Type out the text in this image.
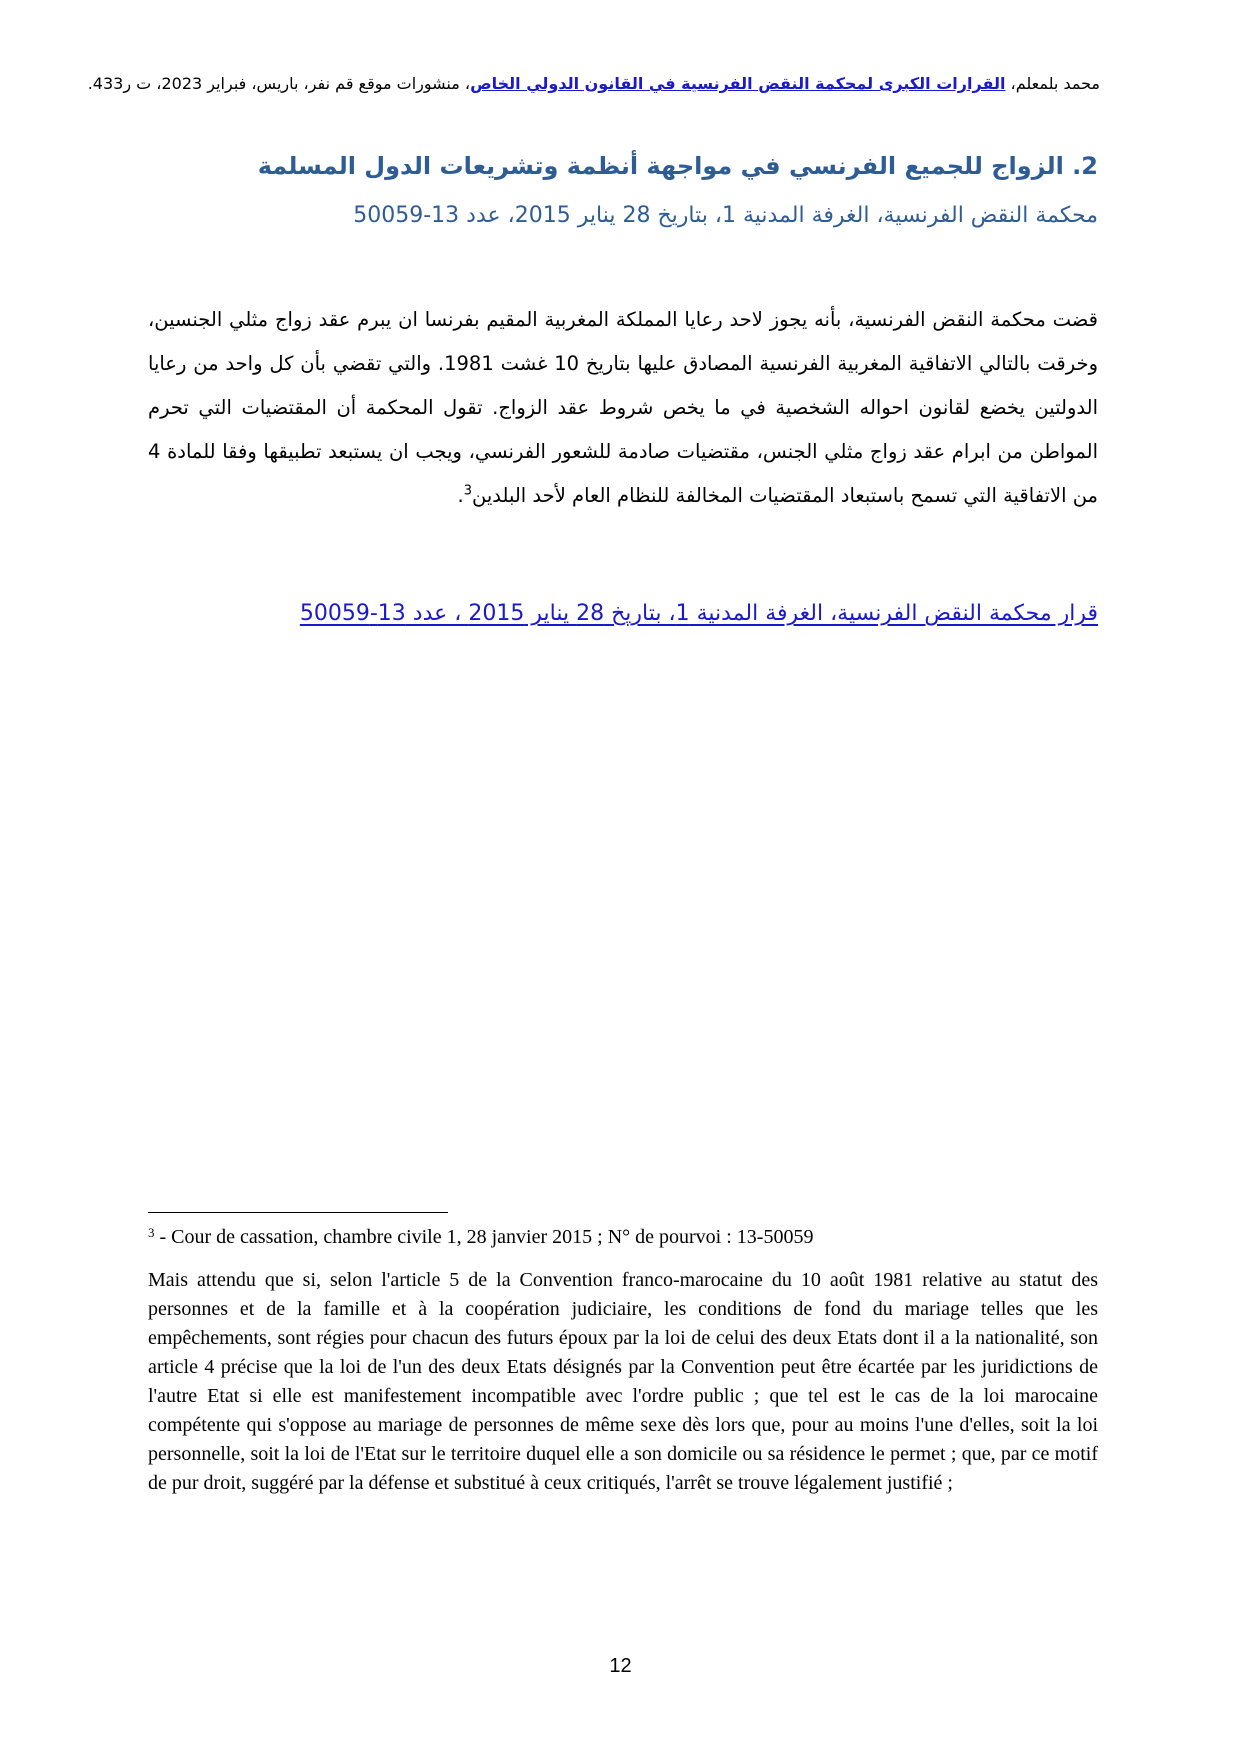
محمد بلمعلم، القرارات الكبرى لمحكمة النقض الفرنسية في القانون الدولي الخاص، منشورات موقع قم نفر، باريس، فبراير 2023، ت ر433.
2. الزواج للجميع الفرنسي في مواجهة أنظمة وتشريعات الدول المسلمة
محكمة النقض الفرنسية، الغرفة المدنية 1، بتاريخ 28 يناير 2015، عدد 13-50059

قضت محكمة النقض الفرنسية، بأنه يجوز لاحد رعايا المملكة المغربية المقيم بفرنسا ان يبرم عقد زواج مثلي الجنسين، وخرقت بالتالي الاتفاقية المغربية الفرنسية المصادق عليها بتاريخ 10 غشت 1981. والتي تقضي بأن كل واحد من رعايا الدولتين يخضع لقانون احواله الشخصية في ما يخص شروط عقد الزواج. تقول المحكمة أن المقتضيات التي تحرم المواطن من ابرام عقد زواج مثلي الجنس، مقتضيات صادمة للشعور الفرنسي، ويجب ان يستبعد تطبيقها وفقا للمادة 4 من الاتفاقية التي تسمح باستبعاد المقتضيات المخالفة للنظام العام لأحد البلدين$^3$.

قرار محكمة النقض الفرنسية، الغرفة المدنية 1، بتاريخ 28 يناير 2015 ، عدد 13-50059
$^3$ - Cour de cassation, chambre civile 1, 28 janvier 2015 ; N° de pourvoi : 13-50059

Mais attendu que si, selon l'article 5 de la Convention franco-marocaine du 10 août 1981 relative au statut des personnes et de la famille et à la coopération judiciaire, les conditions de fond du mariage telles que les empêchements, sont régies pour chacun des futurs époux par la loi de celui des deux Etats dont il a la nationalité, son article 4 précise que la loi de l'un des deux Etats désignés par la Convention peut être écartée par les juridictions de l'autre Etat si elle est manifestement incompatible avec l'ordre public ; que tel est le cas de la loi marocaine compétente qui s'oppose au mariage de personnes de même sexe dès lors que, pour au moins l'une d'elles, soit la loi personnelle, soit la loi de l'Etat sur le territoire duquel elle a son domicile ou sa résidence le permet ; que, par ce motif de pur droit, suggéré par la défense et substitué à ceux critiqués, l'arrêt se trouve légalement justifié ;

12
